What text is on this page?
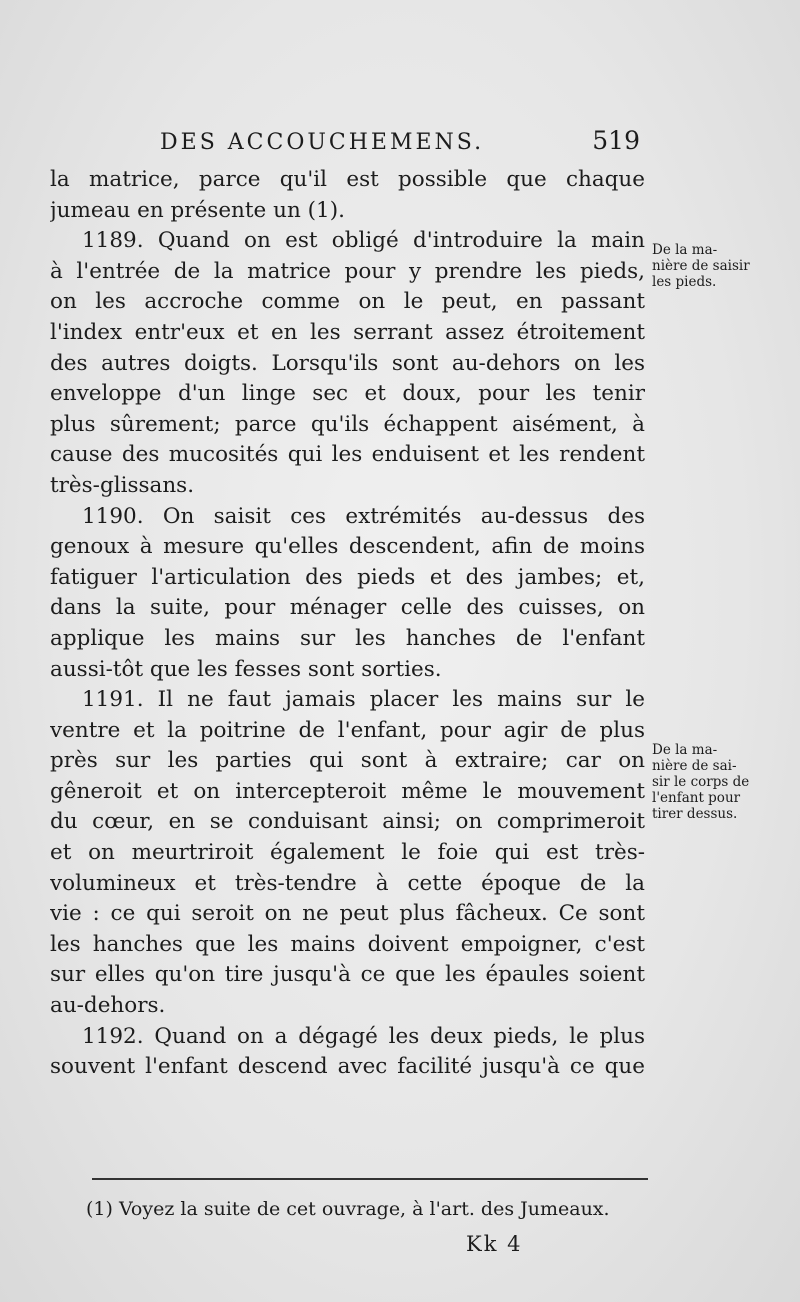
DES ACCOUCHEMENS.	519
la matrice, parce qu'il est possible que chaque
jumeau en présente un (1).
1189. Quand on est obligé d'introduire la main
à l'entrée de la matrice pour y prendre les pieds,
on les accroche comme on le peut, en passant
l'index entr'eux et en les serrant assez étroitement
des autres doigts. Lorsqu'ils sont au-dehors on les
enveloppe d'un linge sec et doux, pour les tenir
plus sûrement; parce qu'ils échappent aisément, à
cause des mucosités qui les enduisent et les rendent
très-glissans.
1190. On saisit ces extrémités au-dessus des
genoux à mesure qu'elles descendent, afin de moins
fatiguer l'articulation des pieds et des jambes; et,
dans la suite, pour ménager celle des cuisses, on
applique les mains sur les hanches de l'enfant
aussi-tôt que les fesses sont sorties.
1191. Il ne faut jamais placer les mains sur le
ventre et la poitrine de l'enfant, pour agir de plus
près sur les parties qui sont à extraire; car on
gêneroit et on intercepteroit même le mouvement
du cœur, en se conduisant ainsi; on comprimeroit
et on meurtriroit également le foie qui est très-
volumineux et très-tendre à cette époque de la
vie : ce qui seroit on ne peut plus fâcheux. Ce sont
les hanches que les mains doivent empoigner, c'est
sur elles qu'on tire jusqu'à ce que les épaules soient
au-dehors.
1192. Quand on a dégagé les deux pieds, le plus
souvent l'enfant descend avec facilité jusqu'à ce que
De la ma-
nière de saisir
les pieds.
De la ma-
nière de sai-
sir le corps de
l'enfant pour
tirer dessus.
(1) Voyez la suite de cet ouvrage, à l'art. des Jumeaux.
Kk 4
